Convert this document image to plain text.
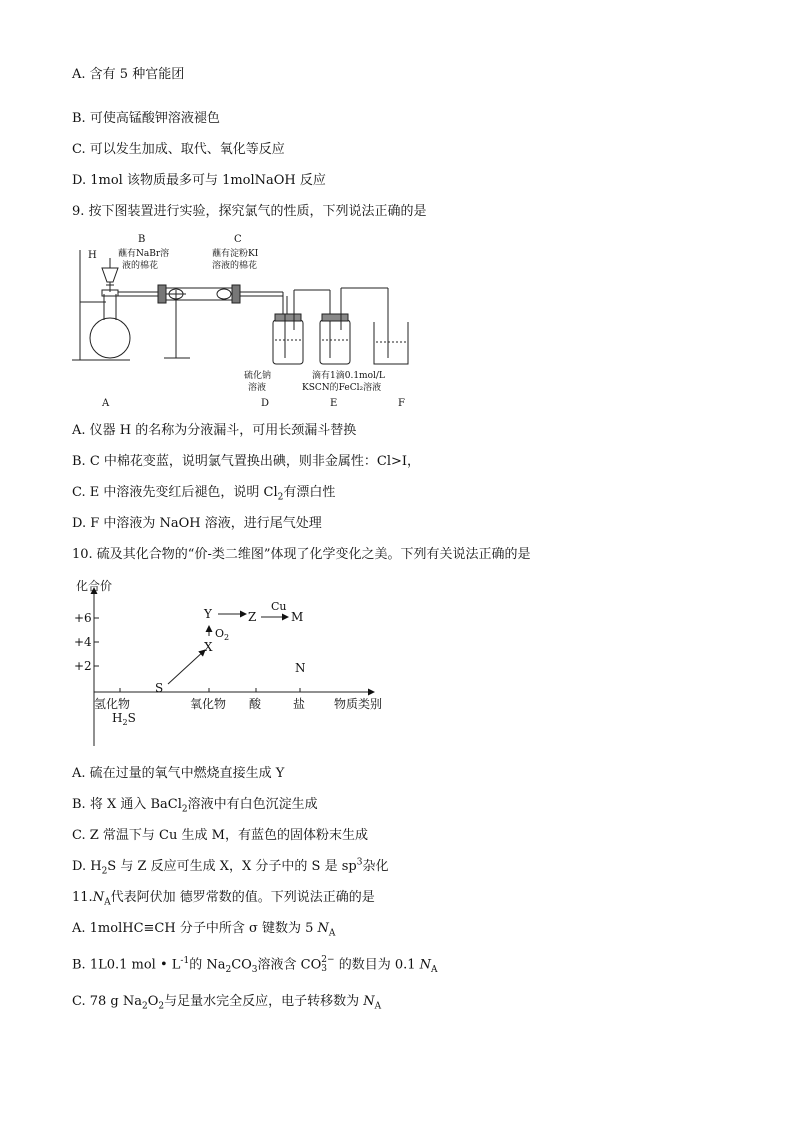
A. 含有 5 种官能团
B. 可使高锰酸钾溶液褪色
C. 可以发生加成、取代、氧化等反应
D. 1mol 该物质最多可与 1molNaOH 反应
9. 按下图装置进行实验，探究氯气的性质，下列说法正确的是
H
B
蘸有NaBr溶
液的棉花
C
蘸有淀粉KI
溶液的棉花
硫化钠
溶液
滴有1滴0.1mol/L
KSCN的FeCl₂溶液
A	D	E	F
A. 仪器 H 的名称为分液漏斗，可用长颈漏斗替换
B. C 中棉花变蓝，说明氯气置换出碘，则非金属性：Cl>I，
C. E 中溶液先变红后褪色，说明 $Cl_2$有漂白性
D. F 中溶液为 NaOH 溶液，进行尾气处理
10. 硫及其化合物的“价-类二维图”体现了化学变化之美。下列有关说法正确的是
化合价
+6
+4
+2
氢化物	氧化物 酸	盐 物质类别
Y	Z	M
Cu
$O_2$
X
N
S
$H_2S$
A. 硫在过量的氧气中燃烧直接生成 Y
B. 将 X 通入 BaCl$_2$溶液中有白色沉淀生成
C. Z 常温下与 Cu 生成 M，有蓝色的固体粉末生成
D. $H_2S$ 与 Z 反应可生成 X，X 分子中的 S 是 $sp^3$杂化
$11.N_A$代表阿伏加 德罗常数的值。下列说法正确的是
A. 1molHC≡CH 分子中所含 σ 键数为 5 $N_A$
B. 1L0.1 mol • $L^{-1}$的 $Na_2CO_3$溶液含 CO 2−
3 的数目为 0.1 $N_A$
C. 78 g $Na_2O_2$与足量水完全反应，电子转移数为 $N_A$
